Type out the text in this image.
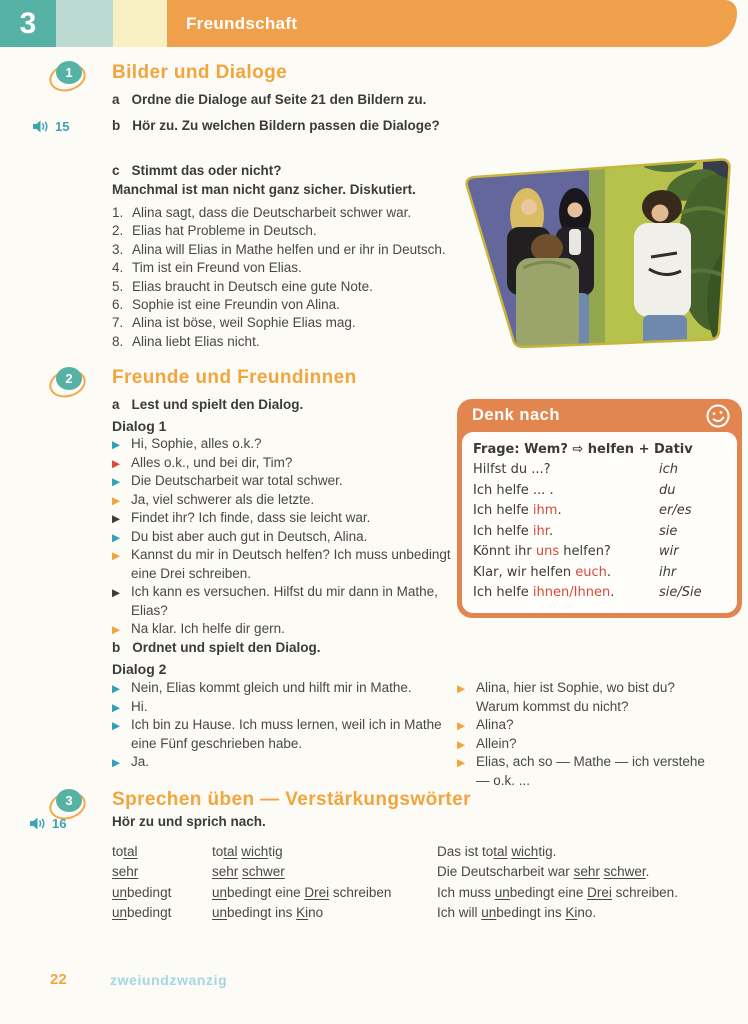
3	Freundschaft
1	Bilder und Dialoge
a Ordne die Dialoge auf Seite 21 den Bildern zu.
15	b Hör zu. Zu welchen Bildern passen die Dialoge?
c Stimmt das oder nicht?
Manchmal ist man nicht ganz sicher. Diskutiert.
1. Alina sagt, dass die Deutscharbeit schwer war.
2. Elias hat Probleme in Deutsch.
3. Alina will Elias in Mathe helfen und er ihr in Deutsch.
4. Tim ist ein Freund von Elias.
5. Elias braucht in Deutsch eine gute Note.
6. Sophie ist eine Freundin von Alina.
7. Alina ist böse, weil Sophie Elias mag.
8. Alina liebt Elias nicht.
2	Freunde und Freundinnen
a Lest und spielt den Dialog.
Dialog 1
▶
Hi, Sophie, alles o.k.?
▶
Alles o.k., und bei dir, Tim?
▶
Die Deutscharbeit war total schwer.
▶
Ja, viel schwerer als die letzte.
▶
Findet ihr? Ich finde, dass sie leicht war.
▶
Du bist aber auch gut in Deutsch, Alina.
▶
Kannst du mir in Deutsch helfen? Ich muss unbedingt eine Drei schreiben.
▶
Ich kann es versuchen. Hilfst du mir dann in Mathe, Elias?
▶
Na klar. Ich helfe dir gern.
b Ordnet und spielt den Dialog.
Dialog 2
▶
Nein, Elias kommt gleich und hilft mir in Mathe.
▶
Hi.
▶
Ich bin zu Hause. Ich muss lernen, weil ich in Mathe eine Fünf geschrieben habe.
▶
Ja.
▶
Alina, hier ist Sophie, wo bist du? Warum kommst du nicht?
▶
Alina?
▶
Allein?
▶
Elias, ach so — Mathe — ich verstehe — o.k. ...
Denk nach
Frage: Wem? ⇨ helfen + Dativ
Hilfst du ...?	ich
Ich helfe ... .	du
Ich helfe ihm.	er/es
Ich helfe ihr.	sie
Könnt ihr uns helfen?	wir
Klar, wir helfen euch.	ihr
Ich helfe ihnen/Ihnen.	sie/Sie
3	Sprechen üben — Verstärkungswörter
16	Hör zu und sprich nach.
total	total wichtig	Das ist total wichtig.
sehr	sehr schwer	Die Deutscharbeit war sehr schwer.
unbedingt	unbedingt eine Drei schreiben	Ich muss unbedingt eine Drei schreiben.
unbedingt	unbedingt ins Kino	Ich will unbedingt ins Kino.
22	zweiundzwanzig
